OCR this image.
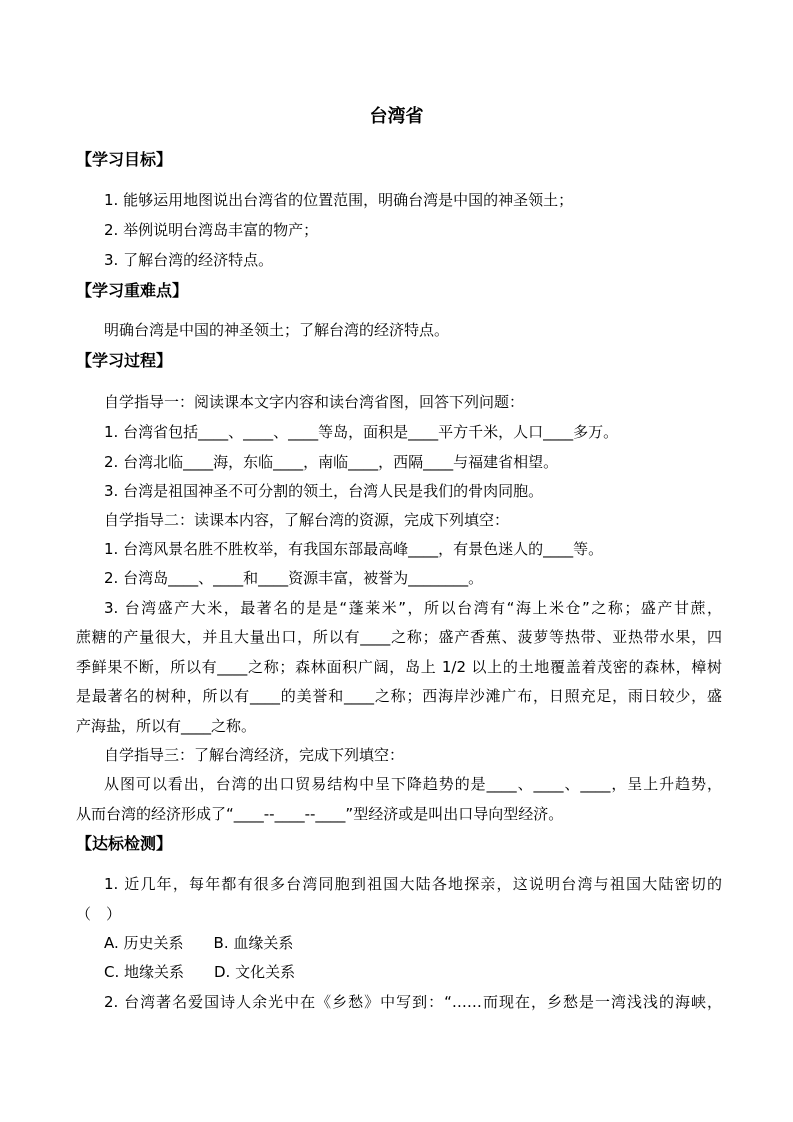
台湾省
【学习目标】
1. 能够运用地图说出台湾省的位置范围，明确台湾是中国的神圣领土；
2. 举例说明台湾岛丰富的物产；
3. 了解台湾的经济特点。
【学习重难点】
明确台湾是中国的神圣领土；了解台湾的经济特点。
【学习过程】
自学指导一：阅读课本文字内容和读台湾省图，回答下列问题：
1. 台湾省包括____、____、____等岛，面积是____平方千米，人口____多万。
2. 台湾北临____海，东临____，南临____，西隔____与福建省相望。
3. 台湾是祖国神圣不可分割的领土，台湾人民是我们的骨肉同胞。
自学指导二：读课本内容，了解台湾的资源，完成下列填空：
1. 台湾风景名胜不胜枚举，有我国东部最高峰____，有景色迷人的____等。
2. 台湾岛____、____和____资源丰富，被誉为________。
3. 台湾盛产大米，最著名的是是“蓬莱米”，所以台湾有“海上米仓”之称；盛产甘蔗，
蔗糖的产量很大，并且大量出口，所以有____之称；盛产香蕉、菠萝等热带、亚热带水果，四
季鲜果不断，所以有____之称；森林面积广阔，岛上 1/2 以上的土地覆盖着茂密的森林，樟树
是最著名的树种，所以有____的美誉和____之称；西海岸沙滩广布，日照充足，雨日较少，盛
产海盐，所以有____之称。
自学指导三：了解台湾经济，完成下列填空：
从图可以看出，台湾的出口贸易结构中呈下降趋势的是____、____、____，呈上升趋势，
从而台湾的经济形成了“____--____--____”型经济或是叫出口导向型经济。
【达标检测】
1. 近几年，每年都有很多台湾同胞到祖国大陆各地探亲，这说明台湾与祖国大陆密切的
（　）
A. 历史关系　　B. 血缘关系
C. 地缘关系　　D. 文化关系
2. 台湾著名爱国诗人余光中在《乡愁》中写到：“……而现在，乡愁是一湾浅浅的海峡，
